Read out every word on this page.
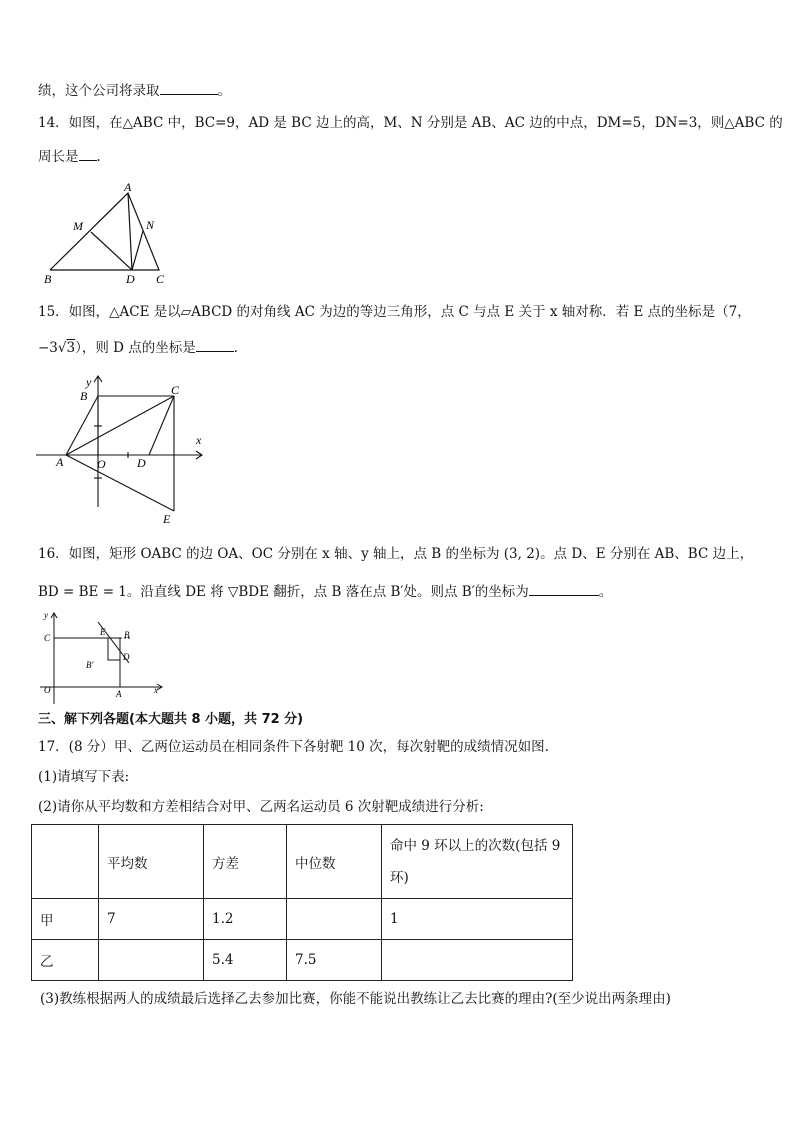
绩，这个公司将录取	。
14．如图，在△ABC 中，BC=9，AD 是 BC 边上的高，M、N 分别是 AB、AC 边的中点，DM=5，DN=3，则△ABC 的
周长是 .
A
M	N
B	D C
15．如图，△ACE 是以▱ABCD 的对角线 AC 为边的等边三角形，点 C 与点 E 关于 x 轴对称．若 E 点的坐标是（7，
−3√3），则 D 点的坐标是	．
y
B	C
x
A	O	D
E
16．如图，矩形 OABC 的边 OA、OC 分别在 x 轴、y 轴上，点 B 的坐标为 (3, 2)。点 D、E 分别在 AB、BC 边上，
BD = BE = 1。沿直线 DE 将 ▽BDE 翻折，点 B 落在点 B′处。则点 B′的坐标为	。
y
C
E B
D
B′
O	A	x
三、解下列各题(本大题共 8 小题，共 72 分)
17．(8 分）甲、乙两位运动员在相同条件下各射靶 10 次，每次射靶的成绩情况如图.
(1)请填写下表:
(2)请你从平均数和方差相结合对甲、乙两名运动员 6 次射靶成绩进行分析:
	平均数	方差	中位数	命中 9 环以上的次数(包括 9 环)
甲	7	1.2		1
乙		5.4	7.5	
(3)教练根据两人的成绩最后选择乙去参加比赛，你能不能说出教练让乙去比赛的理由?(至少说出两条理由)
